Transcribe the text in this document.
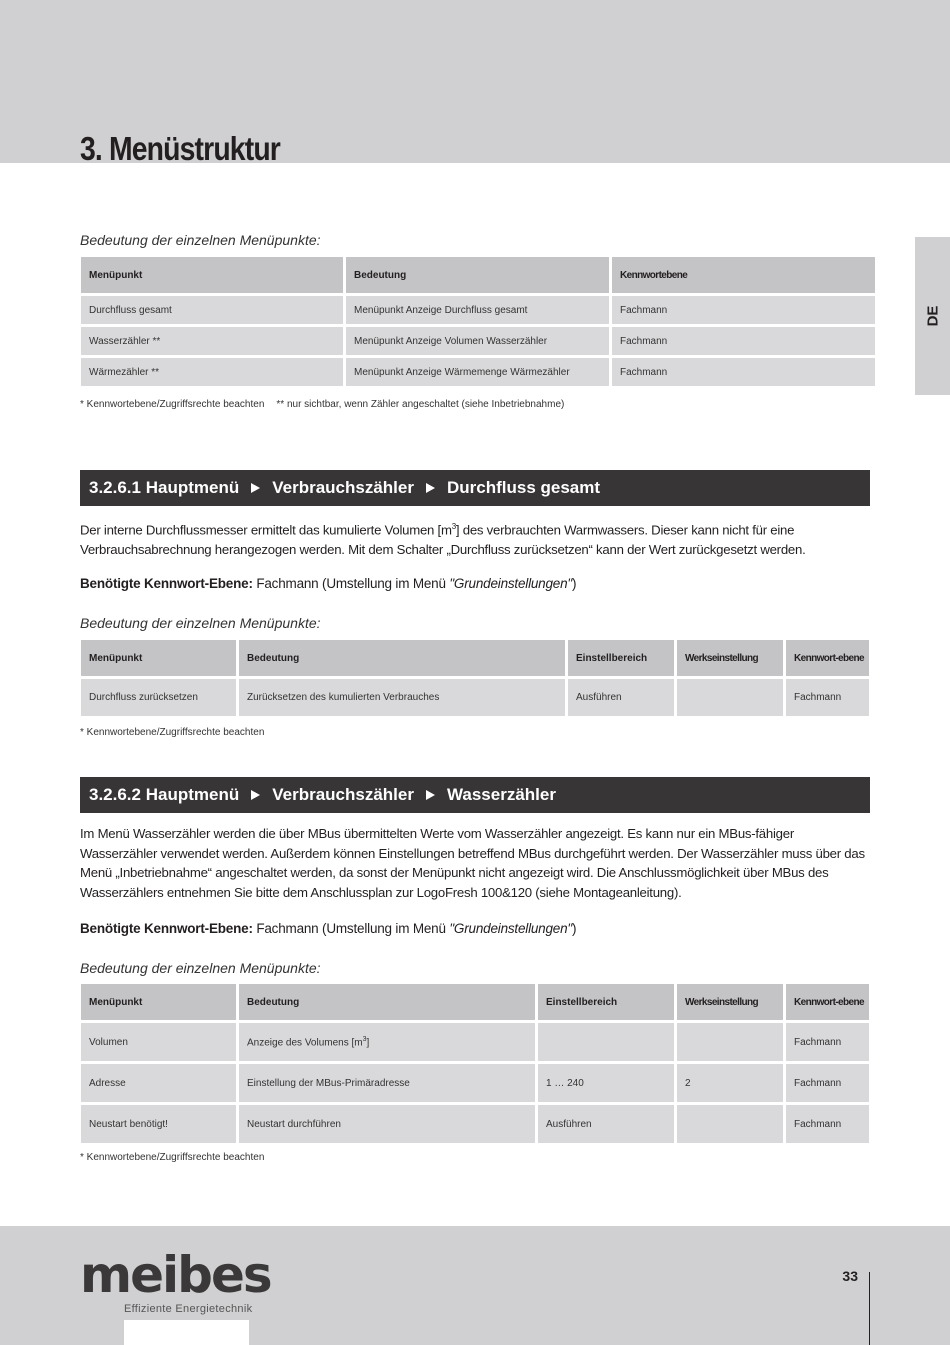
3. Menüstruktur
DE
Bedeutung der einzelnen Menüpunkte:
Menüpunkt	Bedeutung	Kennwortebene
Durchfluss gesamt	Menüpunkt Anzeige Durchfluss gesamt	Fachmann
Wasserzähler **	Menüpunkt Anzeige Volumen Wasserzähler	Fachmann
Wärmezähler **	Menüpunkt Anzeige Wärmemenge Wärmezähler	Fachmann
* Kennwortebene/Zugriffsrechte beachten ** nur sichtbar, wenn Zähler angeschaltet (siehe Inbetriebnahme)
3.2.6.1
Hauptmenü Verbrauchszähler Durchfluss gesamt

Der interne Durchflussmesser ermittelt das kumulierte Volumen $[m^3]$ des verbrauchten Warmwassers. Dieser kann nicht für eine Verbrauchsabrechnung herangezogen werden. Mit dem Schalter „Durchfluss zurücksetzen“ kann der Wert zurückgesetzt werden.

Benötigte Kennwort-Ebene: Fachmann (Umstellung im Menü "Grundeinstellungen")
Bedeutung der einzelnen Menüpunkte:
Menüpunkt	Bedeutung	Einstellbereich	Werkseinstellung	Kennwort-ebene
Durchfluss zurücksetzen	Zurücksetzen des kumulierten Verbrauches	Ausführen		Fachmann
* Kennwortebene/Zugriffsrechte beachten
3.2.6.2
Hauptmenü Verbrauchszähler Wasserzähler

Im Menü Wasserzähler werden die über MBus übermittelten Werte vom Wasserzähler angezeigt. Es kann nur ein MBus-fähiger Wasserzähler verwendet werden. Außerdem können Einstellungen betreffend MBus durchgeführt werden. Der Wasserzähler muss über das Menü „Inbetriebnahme“ angeschaltet werden, da sonst der Menüpunkt nicht angezeigt wird. Die Anschlussmöglichkeit über MBus des Wasserzählers entnehmen Sie bitte dem Anschlussplan zur LogoFresh 100&120 (siehe Montageanleitung).

Benötigte Kennwort-Ebene: Fachmann (Umstellung im Menü "Grundeinstellungen")
Bedeutung der einzelnen Menüpunkte:
Menüpunkt	Bedeutung	Einstellbereich	Werkseinstellung	Kennwort-ebene
Volumen	Anzeige des Volumens $[m^3]$			Fachmann
Adresse	Einstellung der MBus-Primäradresse	1 … 240	2	Fachmann
Neustart benötigt!	Neustart durchführen	Ausführen		Fachmann
* Kennwortebene/Zugriffsrechte beachten
meibes
Effiziente Energietechnik
33
